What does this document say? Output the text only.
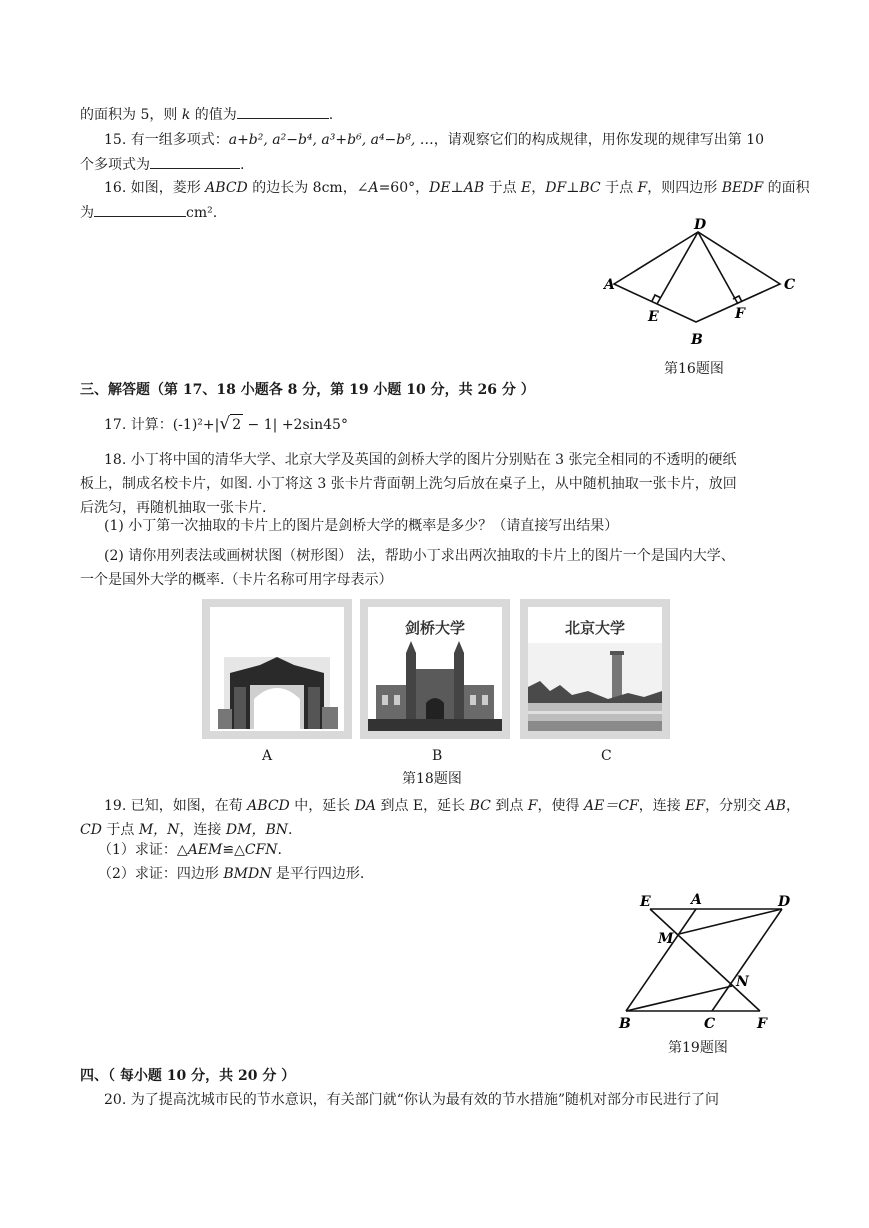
的面积为 5，则 k 的值为	.
15. 有一组多项式：a+b², a²−b⁴, a³+b⁶, a⁴−b⁸, …，请观察它们的构成规律，用你发现的规律写出第 10
个多项式为	.
16. 如图，菱形 ABCD 的边长为 8cm，∠A=60°，DE⊥AB 于点 E，DF⊥BC 于点 F，则四边形 BEDF 的面积
为	cm².
D
A	C
E	F
B
第16题图
三、解答题（第 17、18 小题各 8 分，第 19 小题 10 分，共 26 分 ）
17. 计算：(-1)²+|√ 2 − 1| +2sin45°
18. 小丁将中国的清华大学、北京大学及英国的剑桥大学的图片分别贴在 3 张完全相同的不透明的硬纸
板上，制成名校卡片，如图. 小丁将这 3 张卡片背面朝上洗匀后放在桌子上，从中随机抽取一张卡片，放回
后洗匀，再随机抽取一张卡片.
(1) 小丁第一次抽取的卡片上的图片是剑桥大学的概率是多少？（请直接写出结果）
(2) 请你用列表法或画树状图（树形图） 法，帮助小丁求出两次抽取的卡片上的图片一个是国内大学、
一个是国外大学的概率.（卡片名称可用字母表示）
剑桥大学	北京大学
A	B	C
第18题图
19. 已知，如图，在荀 ABCD 中，延长 DA 到点 E，延长 BC 到点 F，使得 AE＝CF，连接 EF，分别交 AB，
CD 于点 M，N，连接 DM，BN.
（1）求证：△AEM≌△CFN.
（2）求证：四边形 BMDN 是平行四边形.
E	A	D
M
N
B	C	F
第19题图
四、（ 每小题 10 分，共 20 分 ）
20. 为了提高沈城市民的节水意识，有关部门就“你认为最有效的节水措施”随机对部分市民进行了问
